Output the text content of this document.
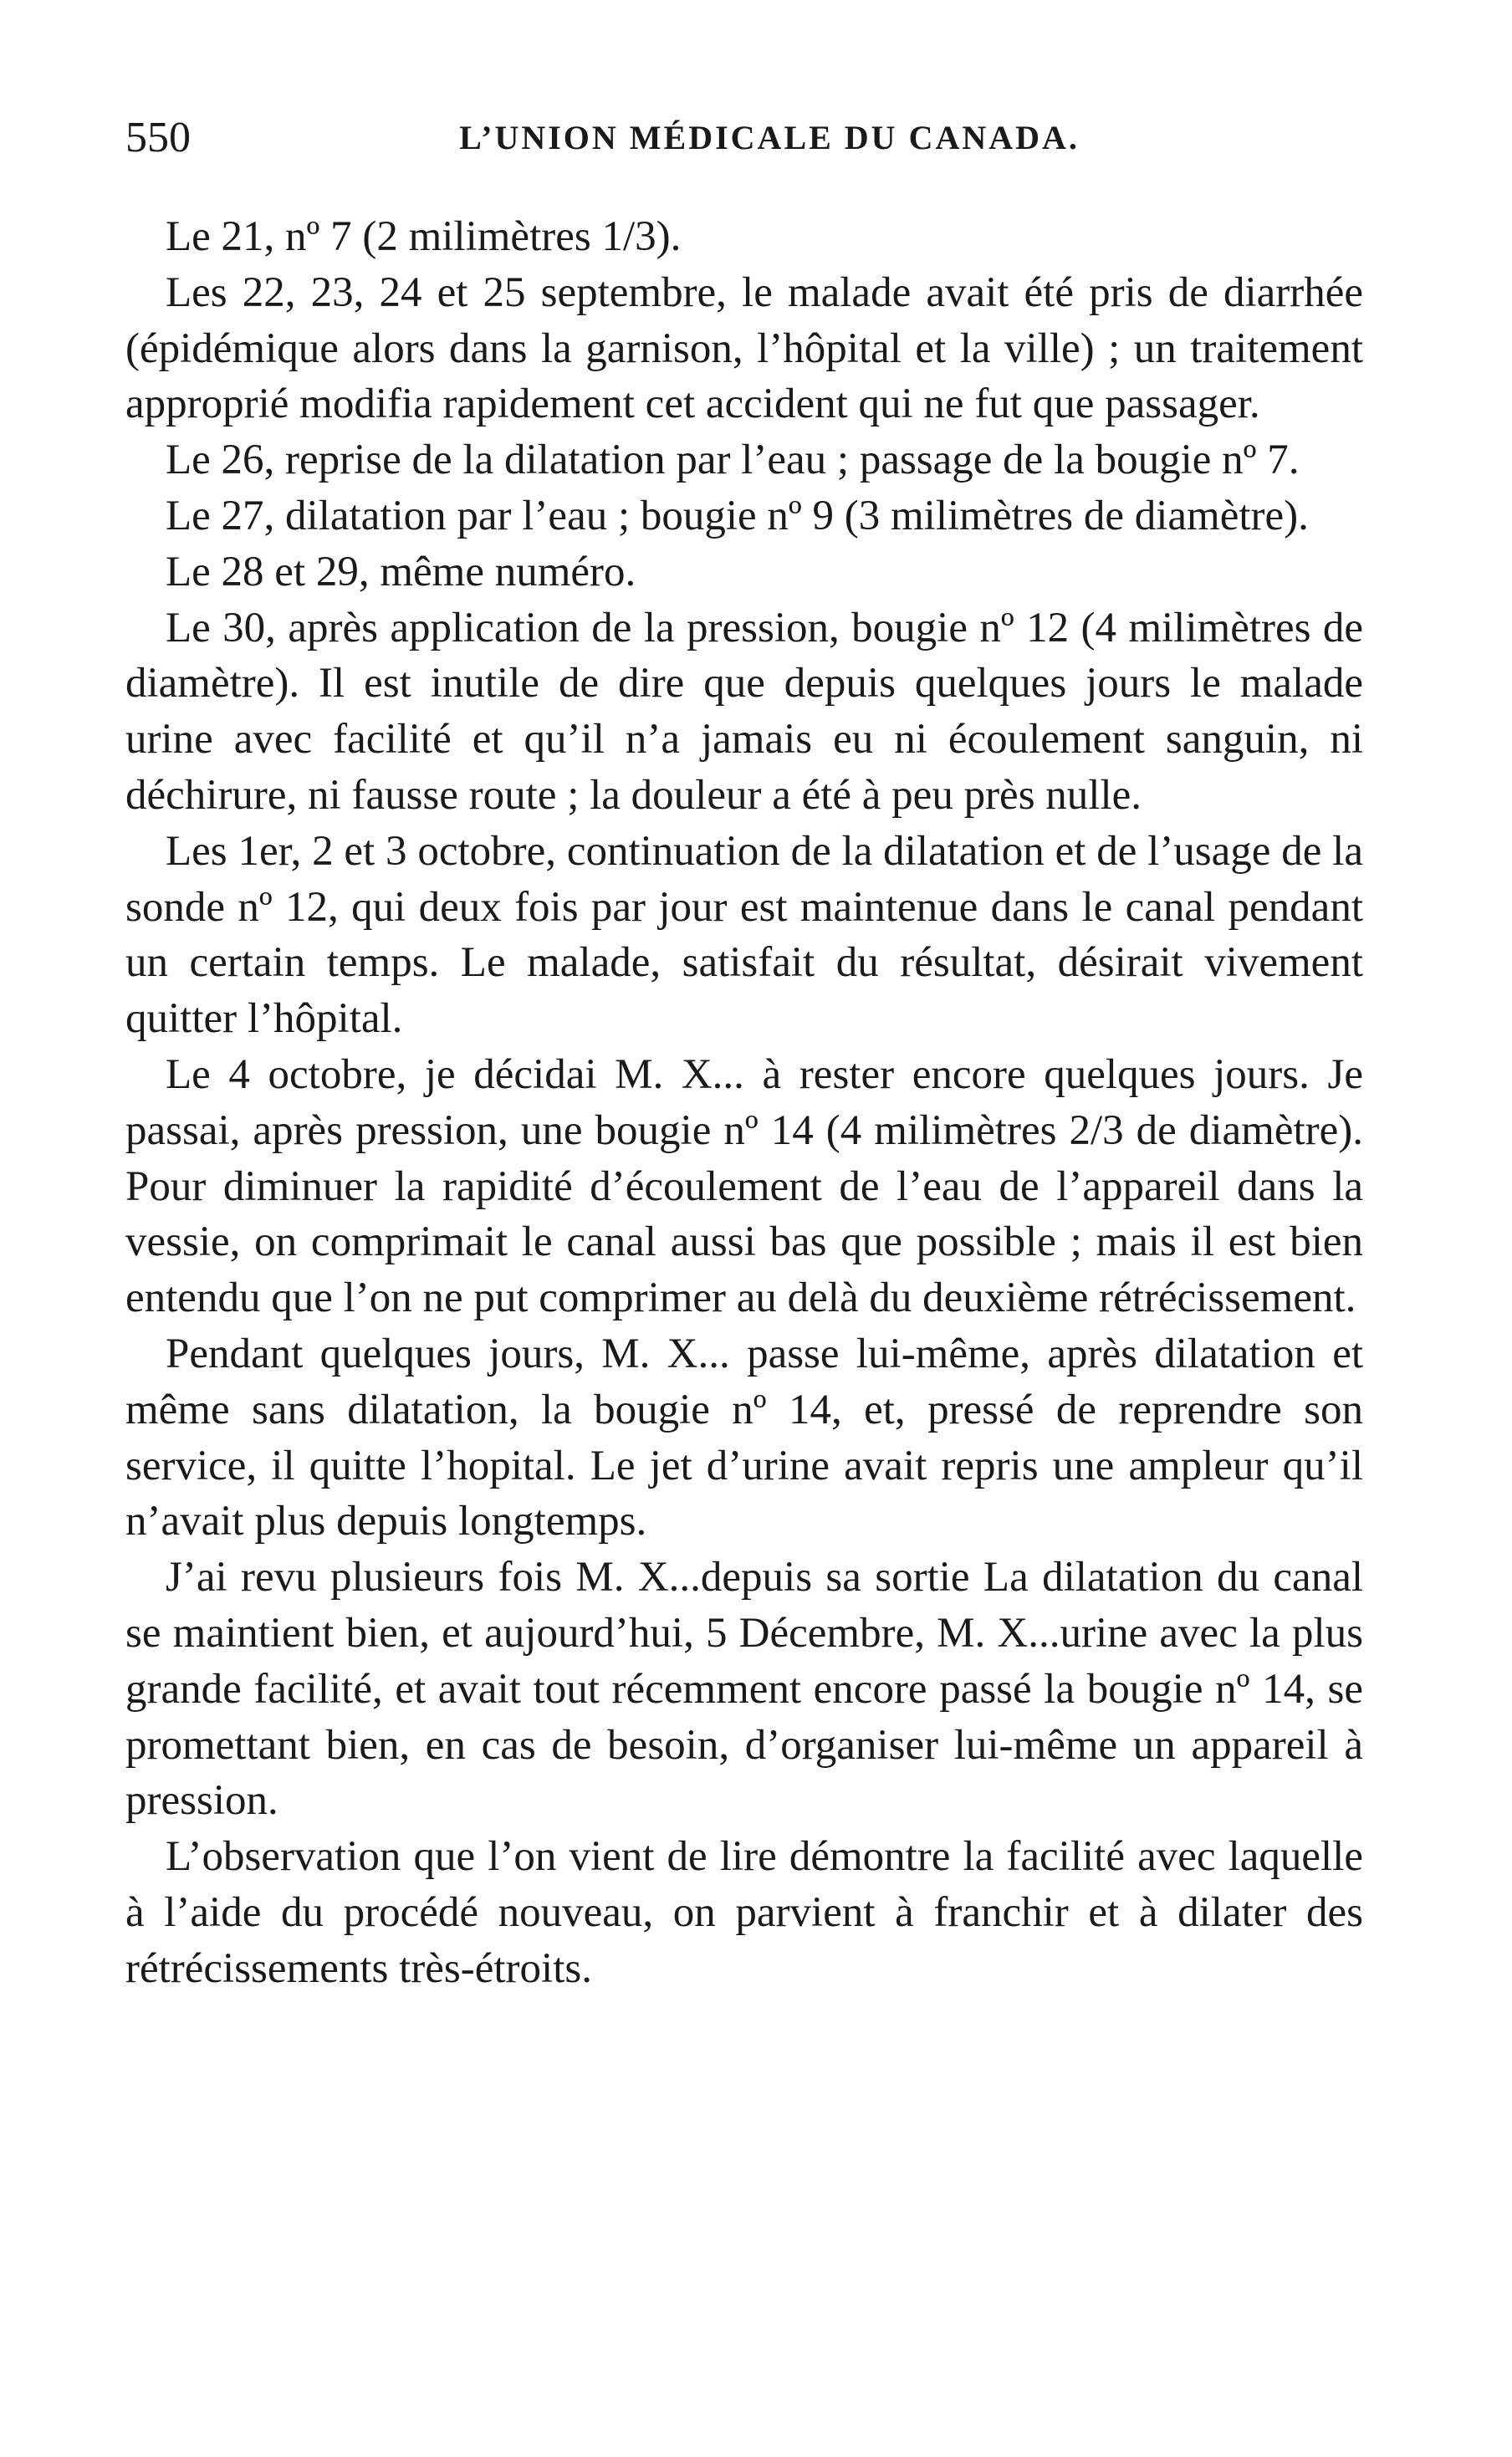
550	L’UNION MÉDICALE DU CANADA.

Le 21, nº 7 (2 milimètres 1/3).

Les 22, 23, 24 et 25 septembre, le malade avait été pris de diarrhée (épidémique alors dans la garnison, l’hôpital et la ville) ; un traitement approprié modifia rapidement cet accident qui ne fut que passager.

Le 26, reprise de la dilatation par l’eau ; passage de la bougie nº 7.

Le 27, dilatation par l’eau ; bougie nº 9 (3 milimètres de diamètre).

Le 28 et 29, même numéro.

Le 30, après application de la pression, bougie nº 12 (4 milimètres de diamètre). Il est inutile de dire que depuis quelques jours le malade urine avec facilité et qu’il n’a jamais eu ni écoulement sanguin, ni déchirure, ni fausse route ; la douleur a été à peu près nulle.

Les 1er, 2 et 3 octobre, continuation de la dilatation et de l’usage de la sonde nº 12, qui deux fois par jour est maintenue dans le canal pendant un certain temps. Le malade, satisfait du résultat, désirait vivement quitter l’hôpital.

Le 4 octobre, je décidai M. X... à rester encore quelques jours. Je passai, après pression, une bougie nº 14 (4 milimètres 2/3 de diamètre). Pour diminuer la rapidité d’écoulement de l’eau de l’appareil dans la vessie, on comprimait le canal aussi bas que possible ; mais il est bien entendu que l’on ne put comprimer au delà du deuxième rétrécissement.

Pendant quelques jours, M. X... passe lui-même, après dilatation et même sans dilatation, la bougie nº 14, et, pressé de reprendre son service, il quitte l’hopital. Le jet d’urine avait repris une ampleur qu’il n’avait plus depuis longtemps.

J’ai revu plusieurs fois M. X...depuis sa sortie La dilatation du canal se maintient bien, et aujourd’hui, 5 Décembre, M. X...urine avec la plus grande facilité, et avait tout récemment encore passé la bougie nº 14, se promettant bien, en cas de besoin, d’organiser lui-même un appareil à pression.

L’observation que l’on vient de lire démontre la facilité avec laquelle à l’aide du procédé nouveau, on parvient à franchir et à dilater des rétrécissements très-étroits.
